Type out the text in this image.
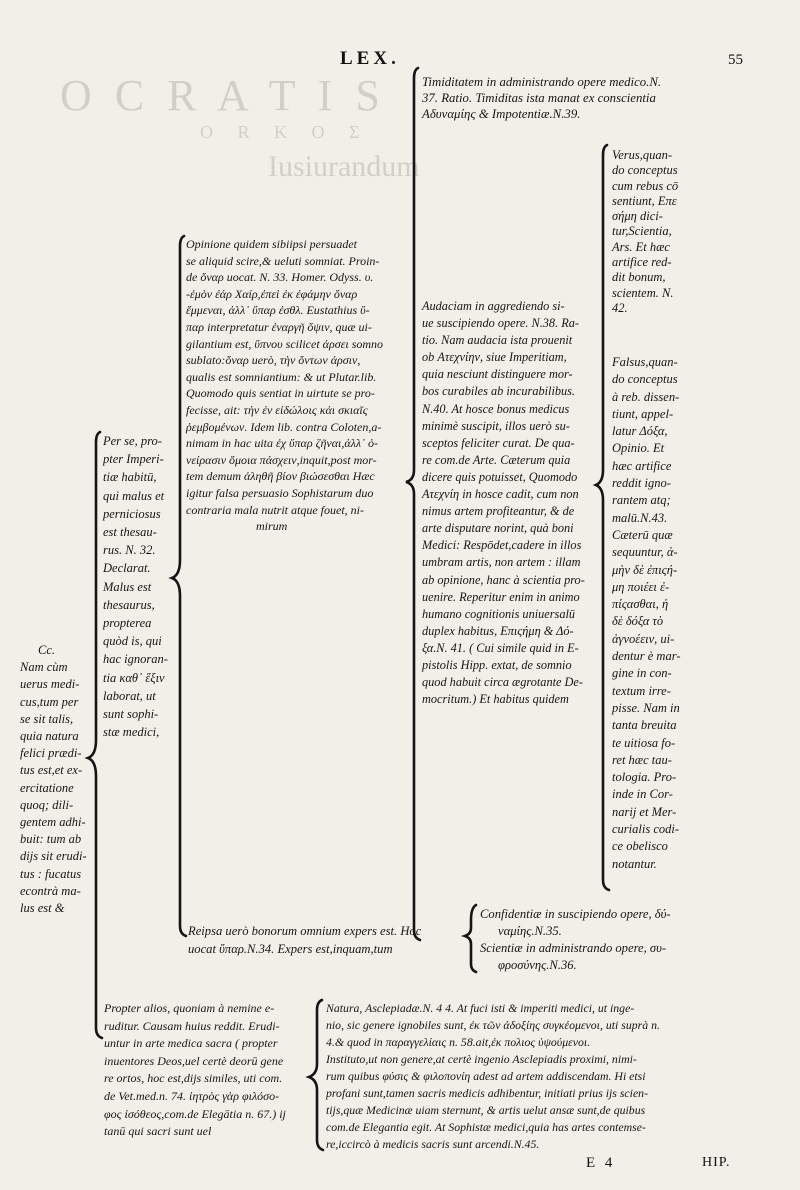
O C R A T I S
O R K O Σ
Iusiurandum
LEX.	55

Timiditatem in administrando opere medico.N.

37. Ratio. Timiditas ista manat ex conscientia

Αδυναμίης & Impotentiæ.N.39.

Verus,quan-

do conceptus

cum rebus cō

sentiunt, Επε

σήμη dici-

tur,Scientia,

Ars. Et hæc

artifice red-

dit bonum,

scientem. N.

42.

Opinione quidem sibiipsi persuadet

se aliquid scire,& ueluti somniat. Proin-

de ὄναρ uocat. N. 33. Homer. Odyss. υ.

-ἐμὸν ἐάρ Χαίρ,ἐπεὶ ἐκ ἐφάμην ὄναρ

ἔμμεναι, ἀλλ᾽ ὕπαρ ἐσθλ. Eustathius ὕ-

παρ interpretatur ἐναργῆ ὄψιν, quæ ui-

gilantium est, ὕπνου scilicet ἀρσει somno

sublato:ὄναρ uerò, τὴν ὄντων ἀρσιν,

qualis est somniantium: & ut Plutar.lib.

Quomodo quis sentiat in uirtute se pro-

fecisse, ait: τὴν ἐν εἰδώλοις κἀι σκιαῖς

ῥεμβομένων. Idem lib. contra Coloten,a-

nimam in hac uita ἐχ ὕπαρ ζῆναι,ἀλλ᾽ ὀ-

νείρασιν ὅμοια πάσχειν,inquit,post mor-

tem demum ἀληθῆ βίον βιώσεσθαι Hæc

igitur falsa persuasio Sophistarum duo

contraria mala nutrit atque fouet, ni-

mirum

Audaciam in aggrediendo si-

ue suscipiendo opere. N.38. Ra-

tio. Nam audacia ista prouenit

ob Ατεχνίην, siue Imperitiam,

quia nesciunt distinguere mor-

bos curabiles ab incurabilibus.

N.40. At hosce bonus medicus

minimè suscipit, illos uerò su-

sceptos feliciter curat. De qua-

re com.de Arte. Cæterum quia

dicere quis potuisset, Quomodo

Ατεχνίη in hosce cadit, cum non

nimus artem profiteantur, & de

arte disputare norint, quà boni

Medici: Respōdet,cadere in illos

umbram artis, non artem : illam

ab opinione, hanc à scientia pro-

uenire. Reperitur enim in animo

humano cognitionis uniuersalū

duplex habitus, Επιςήμη & Δό-

ξα.N. 41. ( Cui simile quid in E-

pistolis Hipp. extat, de somnio

quod habuit circa ægrotante De-

mocritum.) Et habitus quidem

Falsus,quan-

do conceptus

à reb. dissen-

tiunt, appel-

latur Δόξα,

Opinio. Et

hæc artifice

reddit igno-

rantem atq;

malū.N.43.

Cæterū quæ

sequuntur, ἀ-

μὴν δὲ ἐπιςή-

μη ποιέει ἐ-

πίςασθαι, ἡ

δὲ δόξα τὸ

ἀγνοέειν, ui-

dentur è mar-

gine in con-

textum irre-

pisse. Nam in

tanta breuita

te uitiosa fo-

ret hæc tau-

tologia. Pro-

inde in Cor-

narij et Mer-

curialis codi-

ce obelisco

notantur.

Per se, pro-

pter Imperi-

tiæ habitū,

qui malus et

perniciosus

est thesau-

rus. N. 32.

Declarat.

Malus est

thesaurus,

propterea

quòd is, qui

hac ignoran-

tia καθ᾽ ἕξιν

laborat, ut

sunt sophi-

stæ medici,

Cc.

Nam cùm

uerus medi-

cus,tum per

se sit talis,

quia natura

felici prædi-

tus est,et ex-

ercitatione

quoq; dili-

gentem adhi-

buit: tum ab

dijs sit erudi-

tus : fucatus

econtrà ma-

lus est &

Reipsa uerò bonorum omnium expers est. Hoc

uocat ὕπαρ.N.34. Expers est,inquam,tum

Confidentiæ in suscipiendo opere, δύ-

ναμίης.N.35.

Scientiæ in administrando opere, συ-

φροσύνης.N.36.

Propter alios, quoniam à nemine e-

ruditur. Causam huius reddit. Erudi-

untur in arte medica sacra ( propter

inuentores Deos,uel certè deorū gene

re ortos, hoc est,dijs similes, uti com.

de Vet.med.n. 74. ἰητρὸς γὰρ φιλόσο-

φος ἰσόθεος,com.de Elegātia n. 67.) ij

tanū qui sacri sunt uel

Natura, Asclepiadæ.N. 4 4. At fuci isti & imperiti medici, ut inge-

nio, sic genere ignobiles sunt, ἐκ τῶν ἀδοξίης συγκέομενοι, uti suprà n.

4.& quod in παραγγελίαις n. 58.ait,ἐκ πολιος ὑψούμενοι.

Instituto,ut non genere,at certè ingenio Asclepiadis proximi, nimi-

rum quibus φύσις & φιλοπονίη adest ad artem addiscendam. Hi etsi

profani sunt,tamen sacris medicis adhibentur, initiati prius ijs scien-

tijs,quæ Medicinæ uiam sternunt, & artis uelut ansæ sunt,de quibus

com.de Elegantia egit. At Sophistæ medici,quia has artes contemse-

re,iccircò à medicis sacris sunt arcendi.N.45.

E 4	HIP.
